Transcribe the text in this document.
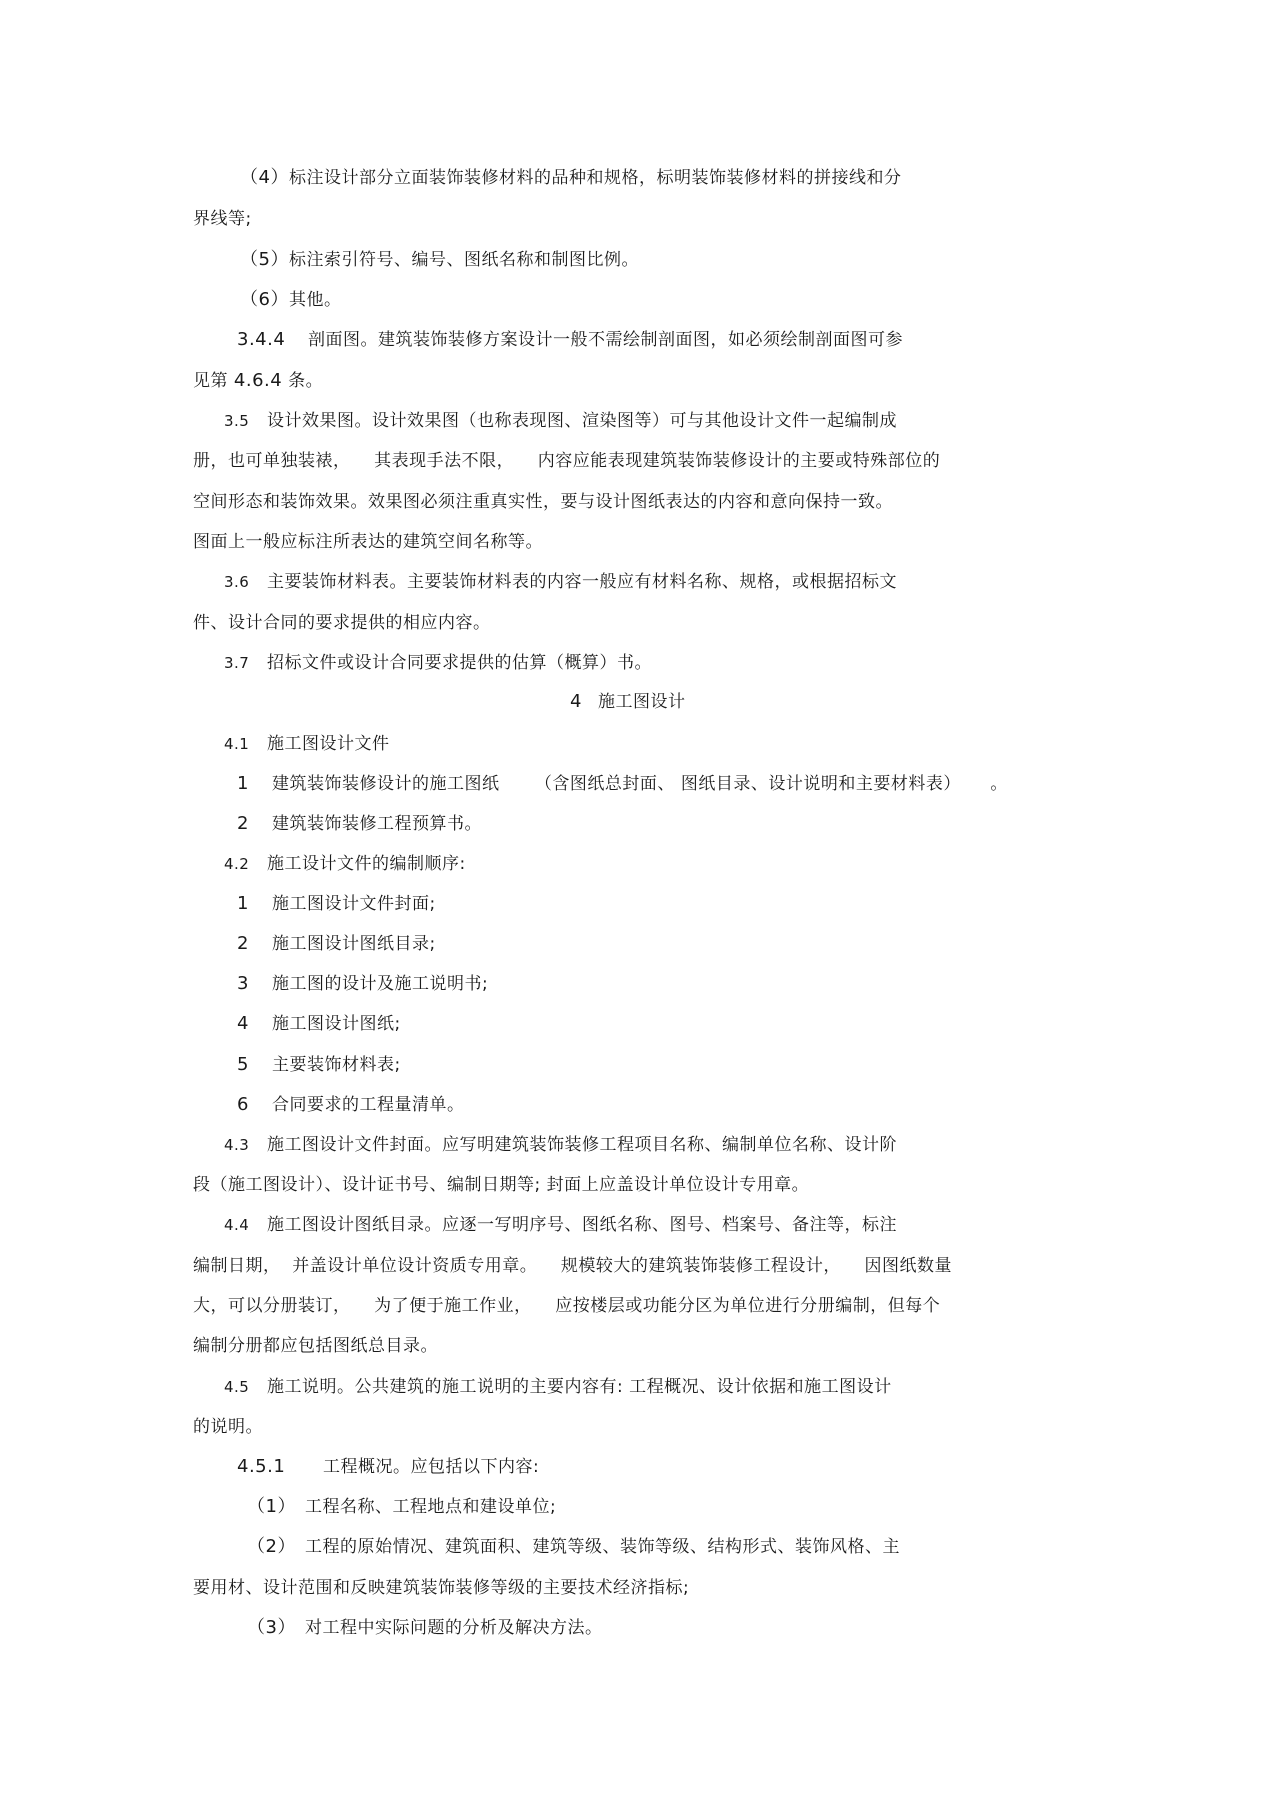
（4）标注设计部分立面装饰装修材料的品种和规格，标明装饰装修材料的拼接线和分
界线等;
（5）标注索引符号、编号、图纸名称和制图比例。
（6）其他。
3.4.4 剖面图。建筑装饰装修方案设计一般不需绘制剖面图，如必须绘制剖面图可参
见第 4.6.4 条。
3.5 设计效果图。设计效果图（也称表现图、渲染图等）可与其他设计文件一起编制成
册，也可单独装裱，    其表现手法不限，    内容应能表现建筑装饰装修设计的主要或特殊部位的
空间形态和装饰效果。效果图必须注重真实性，要与设计图纸表达的内容和意向保持一致。
图面上一般应标注所表达的建筑空间名称等。
3.6 主要装饰材料表。主要装饰材料表的内容一般应有材料名称、规格，或根据招标文
件、设计合同的要求提供的相应内容。
3.7 招标文件或设计合同要求提供的估算（概算）书。
4 施工图设计
4.1 施工图设计文件
1 建筑装饰装修设计的施工图纸      （含图纸总封面、 图纸目录、设计说明和主要材料表）     。
2 建筑装饰装修工程预算书。
4.2 施工设计文件的编制顺序:
1 施工图设计文件封面;
2 施工图设计图纸目录;
3 施工图的设计及施工说明书;
4 施工图设计图纸;
5 主要装饰材料表;
6 合同要求的工程量清单。
4.3 施工图设计文件封面。应写明建筑装饰装修工程项目名称、编制单位名称、设计阶
段（施工图设计）、设计证书号、编制日期等; 封面上应盖设计单位设计专用章。
4.4 施工图设计图纸目录。应逐一写明序号、图纸名称、图号、档案号、备注等，标注
编制日期，  并盖设计单位设计资质专用章。    规模较大的建筑装饰装修工程设计，    因图纸数量
大，可以分册装订，    为了便于施工作业，    应按楼层或功能分区为单位进行分册编制，但每个
编制分册都应包括图纸总目录。
4.5 施工说明。公共建筑的施工说明的主要内容有: 工程概况、设计依据和施工图设计
的说明。
4.5.1 工程概况。应包括以下内容:
（1） 工程名称、工程地点和建设单位;
（2） 工程的原始情况、建筑面积、建筑等级、装饰等级、结构形式、装饰风格、主
要用材、设计范围和反映建筑装饰装修等级的主要技术经济指标;
（3） 对工程中实际问题的分析及解决方法。
